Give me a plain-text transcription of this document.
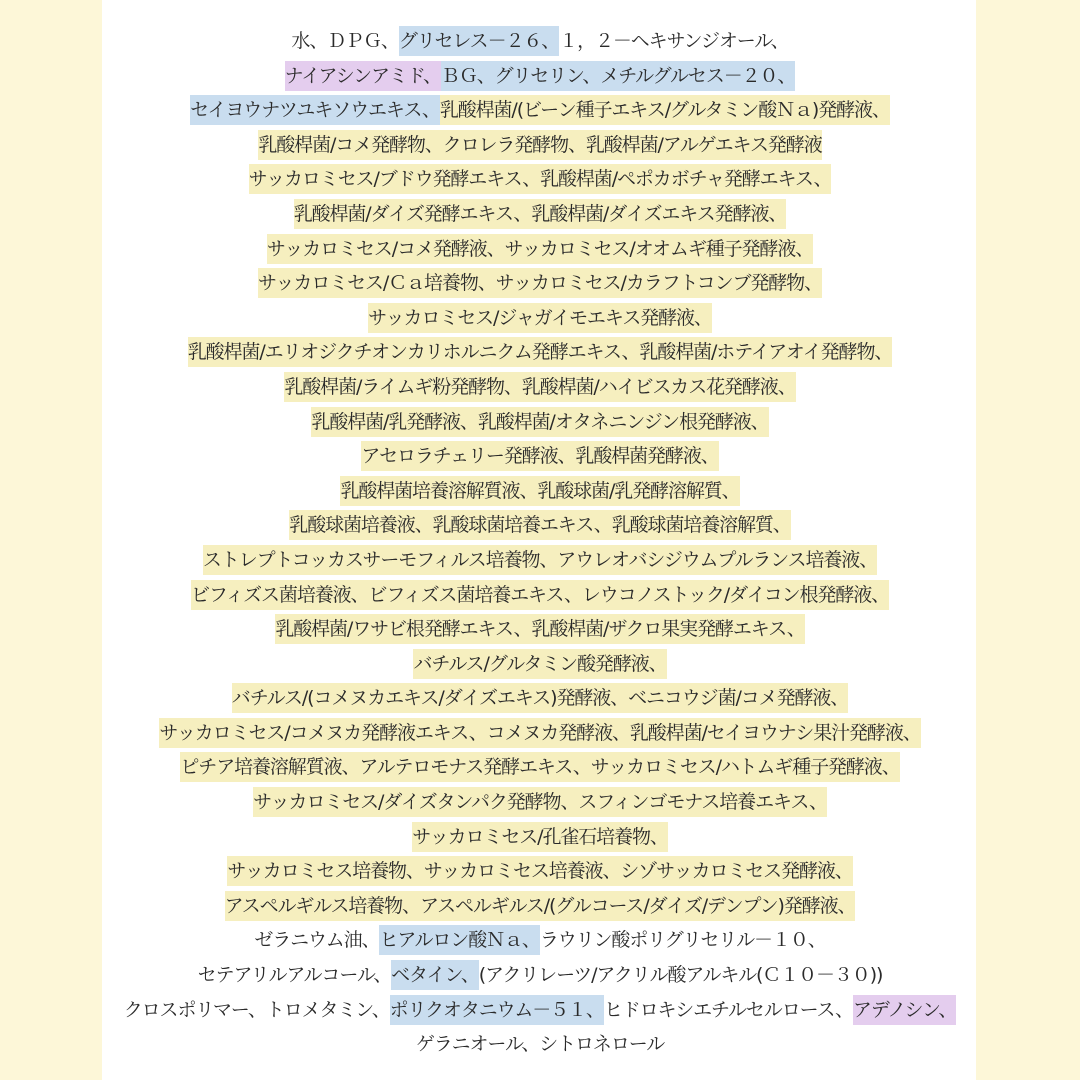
水、ＤＰＧ、グリセレス－２６、１，２－ヘキサンジオール、
ナイアシンアミド、ＢＧ、グリセリン、メチルグルセス－２０、
セイヨウナツユキソウエキス、乳酸桿菌/(ビーン種子エキス/グルタミン酸Ｎａ)発酵液、
乳酸桿菌/コメ発酵物、クロレラ発酵物、乳酸桿菌/アルゲエキス発酵液
サッカロミセス/ブドウ発酵エキス、乳酸桿菌/ペポカボチャ発酵エキス、
乳酸桿菌/ダイズ発酵エキス、乳酸桿菌/ダイズエキス発酵液、
サッカロミセス/コメ発酵液、サッカロミセス/オオムギ種子発酵液、
サッカロミセス/Ｃａ培養物、サッカロミセス/カラフトコンブ発酵物、
サッカロミセス/ジャガイモエキス発酵液、
乳酸桿菌/エリオジクチオンカリホルニクム発酵エキス、乳酸桿菌/ホテイアオイ発酵物、
乳酸桿菌/ライムギ粉発酵物、乳酸桿菌/ハイビスカス花発酵液、
乳酸桿菌/乳発酵液、乳酸桿菌/オタネニンジン根発酵液、
アセロラチェリー発酵液、乳酸桿菌発酵液、
乳酸桿菌培養溶解質液、乳酸球菌/乳発酵溶解質、
乳酸球菌培養液、乳酸球菌培養エキス、乳酸球菌培養溶解質、
ストレプトコッカスサーモフィルス培養物、アウレオバシジウムプルランス培養液、
ビフィズス菌培養液、ビフィズス菌培養エキス、レウコノストック/ダイコン根発酵液、
乳酸桿菌/ワサビ根発酵エキス、乳酸桿菌/ザクロ果実発酵エキス、
バチルス/グルタミン酸発酵液、
バチルス/(コメヌカエキス/ダイズエキス)発酵液、ベニコウジ菌/コメ発酵液、
サッカロミセス/コメヌカ発酵液エキス、コメヌカ発酵液、乳酸桿菌/セイヨウナシ果汁発酵液、
ピチア培養溶解質液、アルテロモナス発酵エキス、サッカロミセス/ハトムギ種子発酵液、
サッカロミセス/ダイズタンパク発酵物、スフィンゴモナス培養エキス、
サッカロミセス/孔雀石培養物、
サッカロミセス培養物、サッカロミセス培養液、シゾサッカロミセス発酵液、
アスペルギルス培養物、アスペルギルス/(グルコース/ダイズ/デンプン)発酵液、
ゼラニウム油、ヒアルロン酸Ｎａ、ラウリン酸ポリグリセリル－１０、
セテアリルアルコール、ベタイン、(アクリレーツ/アクリル酸アルキル(Ｃ１０－３０))
クロスポリマー、トロメタミン、ポリクオタニウム－５１、ヒドロキシエチルセルロース、アデノシン、
ゲラニオール、シトロネロール
